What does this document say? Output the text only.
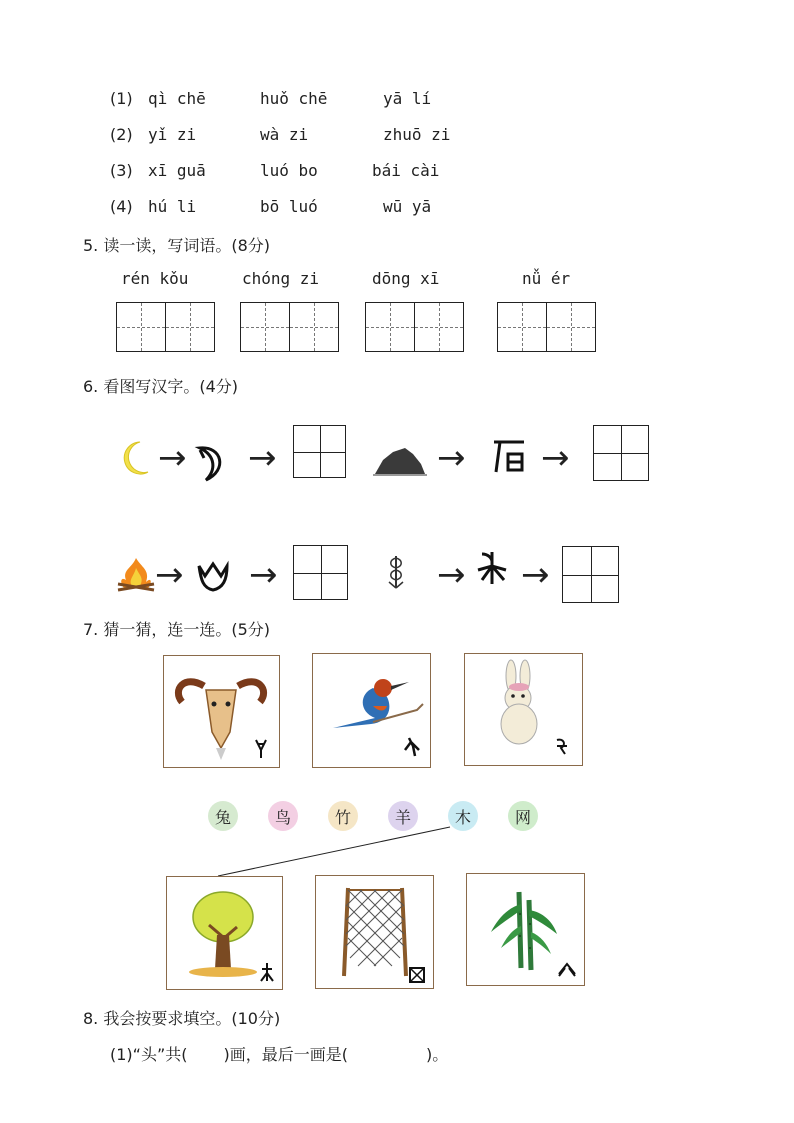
(1) qì chē	huǒ chē	yā lí
(2) yǐ zi	wà zi	zhuō zi
(3) xī guā	luó bo	bái cài
(4) hú li	bō luó	wū yā
5. 读一读，写词语。(8分)
rén kǒu	chóng zi	dōng xī	nǚ ér
6. 看图写汉字。(4分)
→ →	→ →
→ →	→ →
7. 猜一猜，连一连。(5分)
兔	鸟	竹	羊	木	网
8. 我会按要求填空。(10分)
(1)“头”共( )画，最后一画是(	)。
